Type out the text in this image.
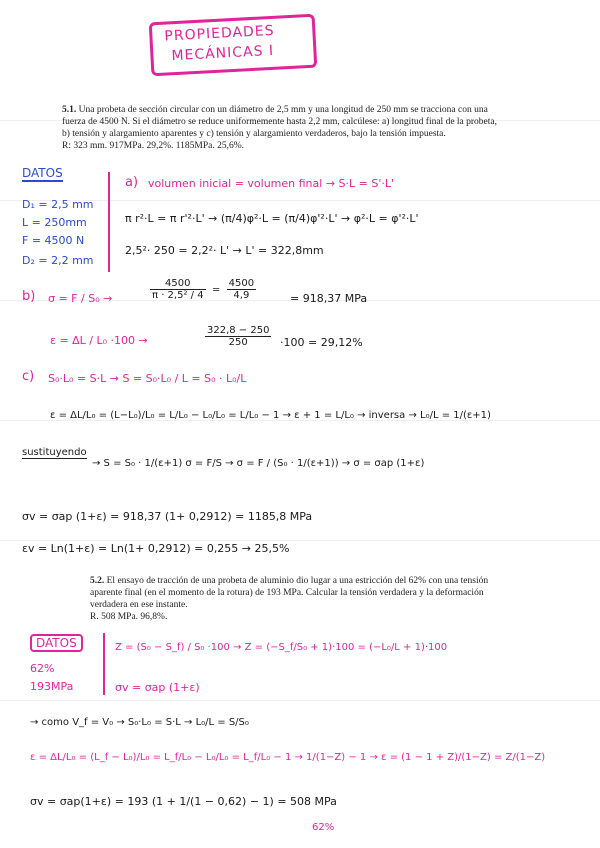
PROPIEDADES
MECÁNICAS I
5.1. Una probeta de sección circular con un diámetro de 2,5 mm y una longitud de 250 mm se tracciona con una fuerza de 4500 N. Si el diámetro se reduce uniformemente hasta 2,2 mm, calcúlese: a) longitud final de la probeta, b) tensión y alargamiento aparentes y c) tensión y alargamiento verdaderos, bajo la tensión impuesta.
R: 323 mm. 917MPa. 29,2%. 1185MPa. 25,6%.
DATOS
D₁ = 2,5 mm
L = 250mm
F = 4500 N
D₂ = 2,2 mm
a) volumen inicial = volumen final → S·L = S'·L'
π r²·L = π r'²·L' → (π/4)φ²·L = (π/4)φ'²·L' → φ²·L = φ'²·L'
2,5²· 250 = 2,2²· L' → L' = 322,8mm
b) σ = F / S₀ →	$\frac{4500}{\text{π · 2,5² / 4}} = \frac{4500}{4,9}$	= 918,37 MPa
ε = ΔL / L₀ ·100 →	$\frac{322,8 - 250}{250} \cdot 100 = 29,12\%$
c) S₀·L₀ = S·L → S = S₀·L₀ / L = S₀ · L₀/L
ε = ΔL/L₀ = (L−L₀)/L₀ = L/L₀ − L₀/L₀ = L/L₀ − 1 → ε + 1 = L/L₀ → inversa → L₀/L = 1/(ε+1)
sustituyendo
→ S = S₀ · 1/(ε+1) σ = F/S → σ = F / (S₀ · 1/(ε+1)) → σ = σap (1+ε)
σv = σap (1+ε) = 918,37 (1+ 0,2912) = 1185,8 MPa
εv = Ln(1+ε) = Ln(1+ 0,2912) = 0,255 → 25,5%
5.2. El ensayo de tracción de una probeta de aluminio dio lugar a una estricción del 62% con una tensión aparente final (en el momento de la rotura) de 193 MPa. Calcular la tensión verdadera y la deformación verdadera en ese instante.
R. 508 MPa. 96,8%.
DATOS
62%
193MPa
Z = (S₀ − S_f) / S₀ ·100 → Z = (−S_f/S₀ + 1)·100 = (−L₀/L + 1)·100
σv = σap (1+ε)
→ como V_f = V₀ → S₀·L₀ = S·L → L₀/L = S/S₀
ε = ΔL/L₀ = (L_f − L₀)/L₀ = L_f/L₀ − L₀/L₀ = L_f/L₀ − 1 → 1/(1−Z) − 1 → ε = (1 − 1 + Z)/(1−Z) = Z/(1−Z)
σv = σap(1+ε) = 193 (1 + 1/(1 − 0,62) − 1) = 508 MPa
62%
